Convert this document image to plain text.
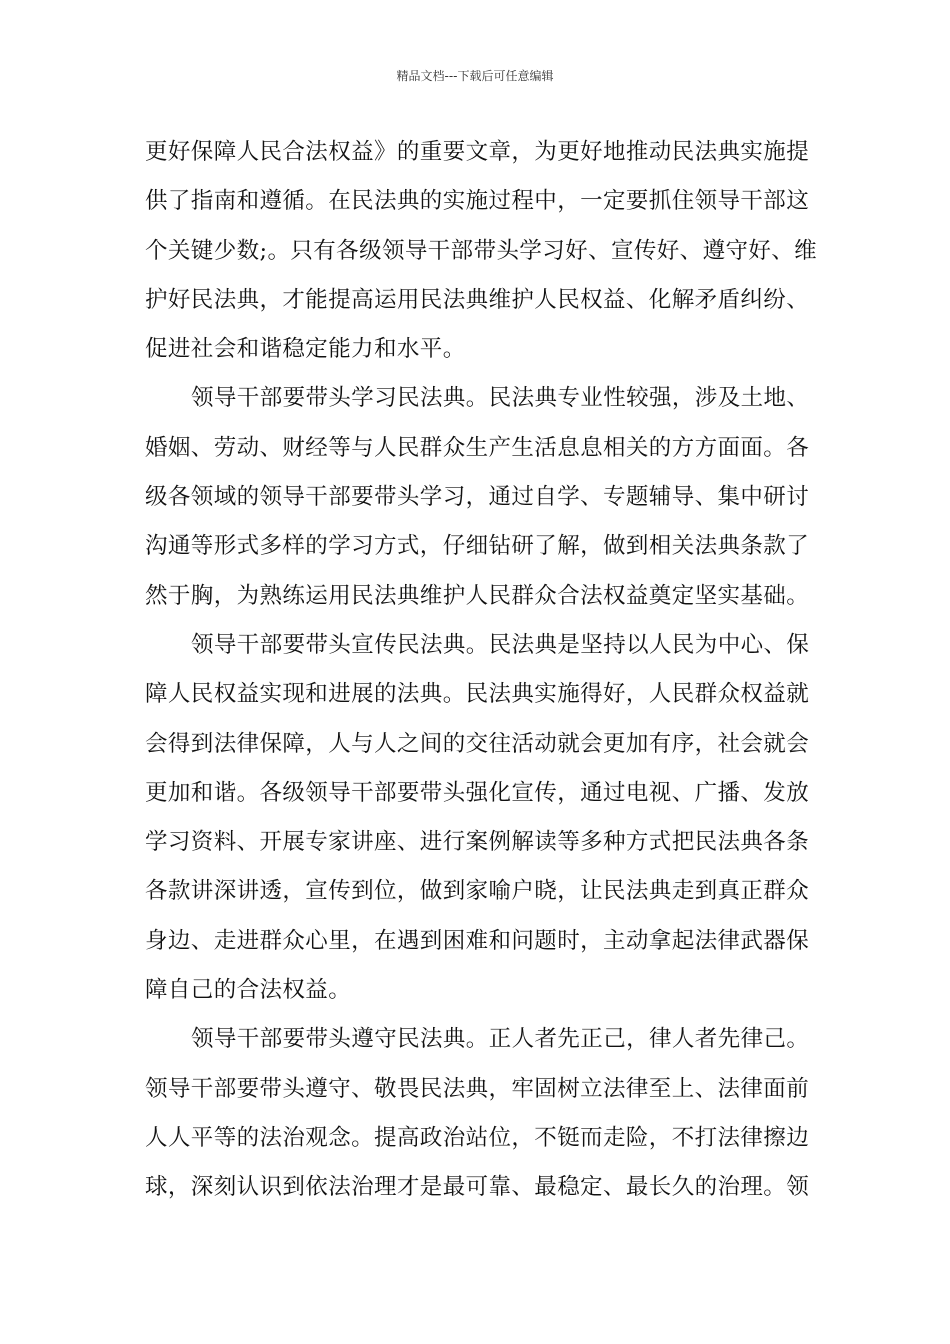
精品文档---下载后可任意编辑
更好保障人民合法权益》的重要文章，为更好地推动民法典实施提
供了指南和遵循。在民法典的实施过程中，一定要抓住领导干部这
个关键少数;。只有各级领导干部带头学习好、宣传好、遵守好、维
护好民法典，才能提高运用民法典维护人民权益、化解矛盾纠纷、
促进社会和谐稳定能力和水平。
领导干部要带头学习民法典。民法典专业性较强，涉及土地、
婚姻、劳动、财经等与人民群众生产生活息息相关的方方面面。各
级各领域的领导干部要带头学习，通过自学、专题辅导、集中研讨
沟通等形式多样的学习方式，仔细钻研了解，做到相关法典条款了
然于胸，为熟练运用民法典维护人民群众合法权益奠定坚实基础。
领导干部要带头宣传民法典。民法典是坚持以人民为中心、保
障人民权益实现和进展的法典。民法典实施得好，人民群众权益就
会得到法律保障，人与人之间的交往活动就会更加有序，社会就会
更加和谐。各级领导干部要带头强化宣传，通过电视、广播、发放
学习资料、开展专家讲座、进行案例解读等多种方式把民法典各条
各款讲深讲透，宣传到位，做到家喻户晓，让民法典走到真正群众
身边、走进群众心里，在遇到困难和问题时，主动拿起法律武器保
障自己的合法权益。
领导干部要带头遵守民法典。正人者先正己，律人者先律己。
领导干部要带头遵守、敬畏民法典，牢固树立法律至上、法律面前
人人平等的法治观念。提高政治站位，不铤而走险，不打法律擦边
球，深刻认识到依法治理才是最可靠、最稳定、最长久的治理。领
